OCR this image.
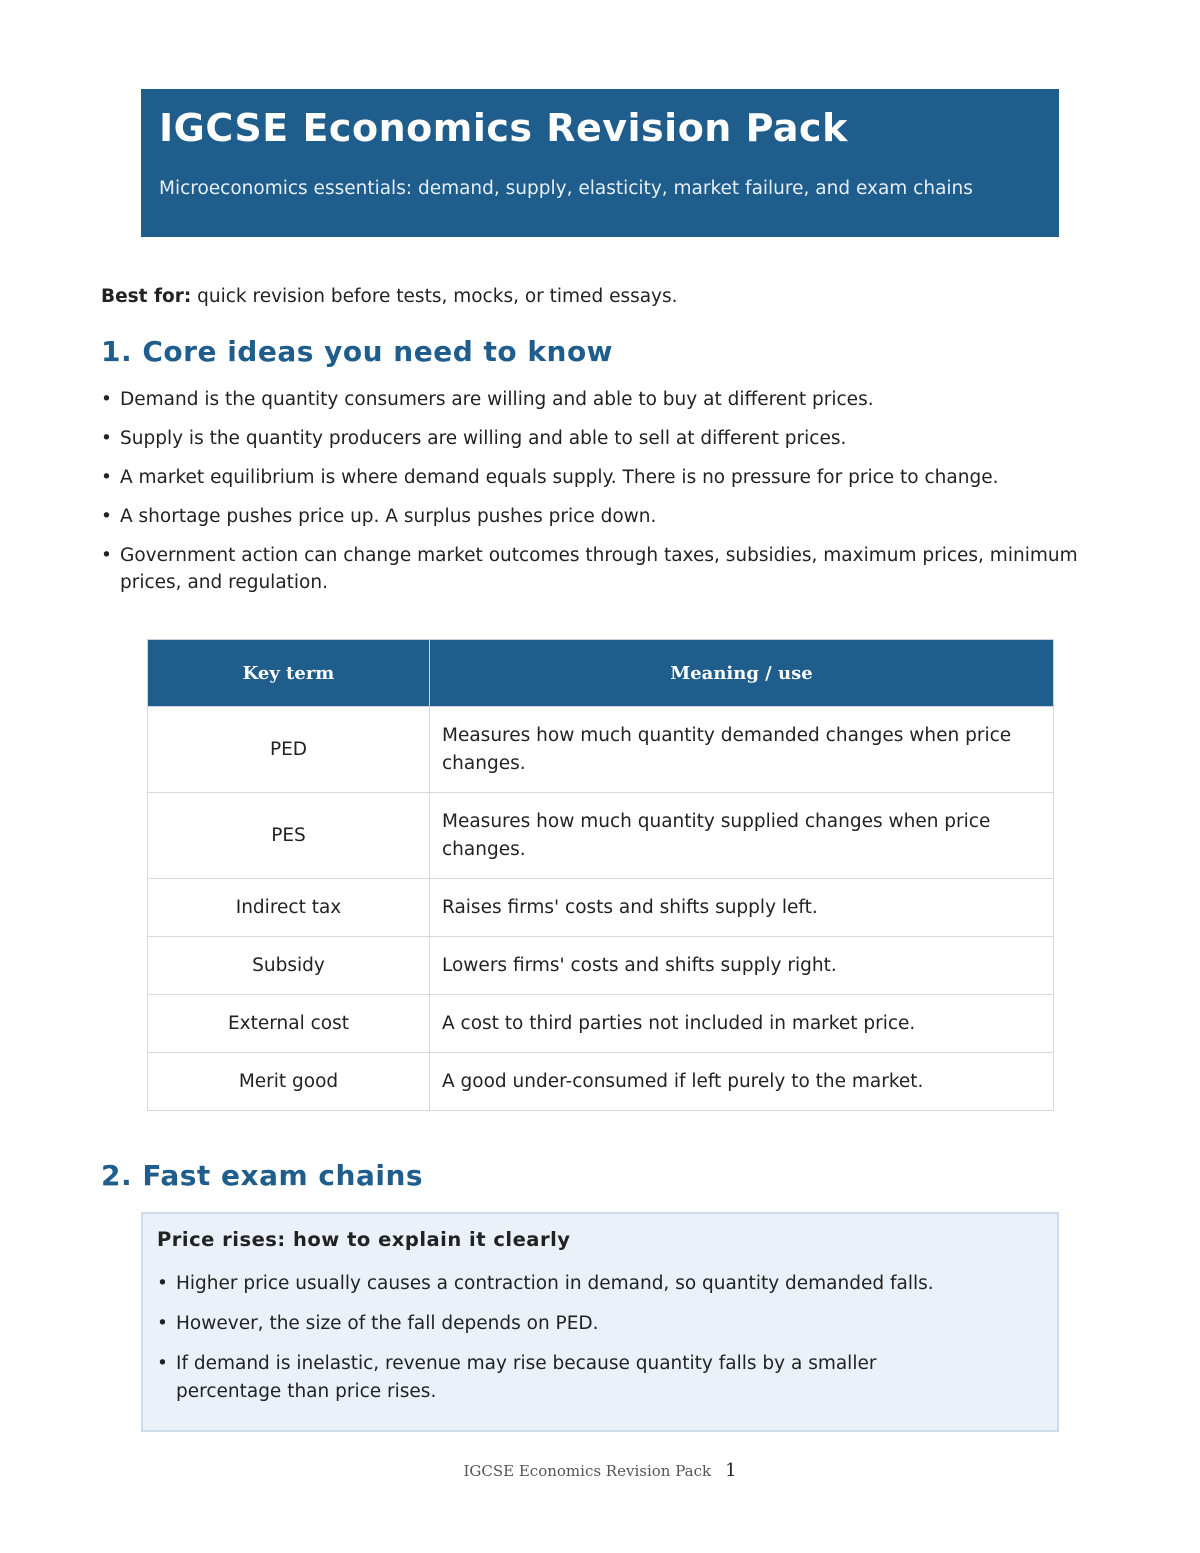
IGCSE Economics Revision Pack
Microeconomics essentials: demand, supply, elasticity, market failure, and exam chains
Best for: quick revision before tests, mocks, or timed essays.
1. Core ideas you need to know
• Demand is the quantity consumers are willing and able to buy at different prices.
• Supply is the quantity producers are willing and able to sell at different prices.
• A market equilibrium is where demand equals supply. There is no pressure for price to change.
• A shortage pushes price up. A surplus pushes price down.
• Government action can change market outcomes through taxes, subsidies, maximum prices, minimum prices, and regulation.
Key term	Meaning / use
PED	Measures how much quantity demanded changes when price changes.
PES	Measures how much quantity supplied changes when price changes.
Indirect tax	Raises firms' costs and shifts supply left.
Subsidy	Lowers firms' costs and shifts supply right.
External cost	A cost to third parties not included in market price.
Merit good	A good under-consumed if left purely to the market.
2. Fast exam chains
Price rises: how to explain it clearly
• Higher price usually causes a contraction in demand, so quantity demanded falls.
• However, the size of the fall depends on PED.
• If demand is inelastic, revenue may rise because quantity falls by a smaller percentage than price rises.
IGCSE Economics Revision Pack 1
